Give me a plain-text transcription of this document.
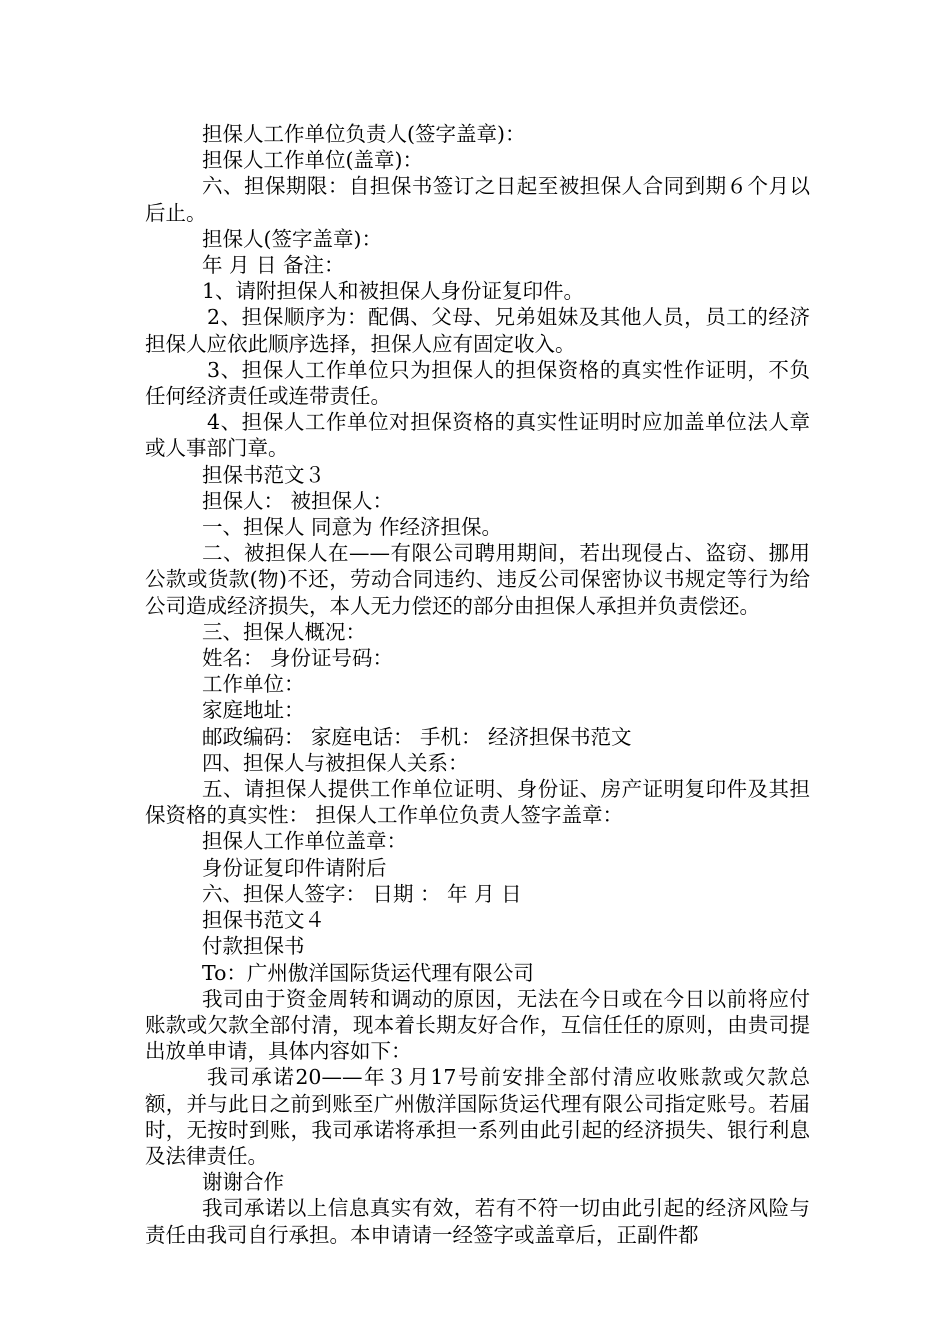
担保人工作单位负责人(签字盖章)：

担保人工作单位(盖章)：

六、担保期限：自担保书签订之日起至被担保人合同到期６个月以后止。

担保人(签字盖章)：

年 月 日 备注：

1、请附担保人和被担保人身份证复印件。

2、担保顺序为：配偶、父母、兄弟姐妹及其他人员，员工的经济担保人应依此顺序选择，担保人应有固定收入。

3、担保人工作单位只为担保人的担保资格的真实性作证明，不负任何经济责任或连带责任。

4、担保人工作单位对担保资格的真实性证明时应加盖单位法人章或人事部门章。

担保书范文３

担保人： 被担保人：

一、担保人 同意为 作经济担保。

二、被担保人在——有限公司聘用期间，若出现侵占、盗窃、挪用公款或货款(物)不还，劳动合同违约、违反公司保密协议书规定等行为给公司造成经济损失，本人无力偿还的部分由担保人承担并负责偿还。

三、担保人概况：

姓名： 身份证号码：

工作单位：

家庭地址：

邮政编码： 家庭电话： 手机： 经济担保书范文

四、担保人与被担保人关系：

五、请担保人提供工作单位证明、身份证、房产证明复印件及其担保资格的真实性： 担保人工作单位负责人签字盖章：

担保人工作单位盖章：

身份证复印件请附后

六、担保人签字： 日期 ： 年 月 日

担保书范文４

付款担保书

To：广州傲洋国际货运代理有限公司

我司由于资金周转和调动的原因，无法在今日或在今日以前将应付账款或欠款全部付清，现本着长期友好合作，互信任任的原则，由贵司提出放单申请，具体内容如下：

我司承诺20——年３月17号前安排全部付清应收账款或欠款总额，并与此日之前到账至广州傲洋国际货运代理有限公司指定账号。若届时，无按时到账，我司承诺将承担一系列由此引起的经济损失、银行利息及法律责任。

谢谢合作

我司承诺以上信息真实有效，若有不符一切由此引起的经济风险与责任由我司自行承担。本申请请一经签字或盖章后，正副件都
